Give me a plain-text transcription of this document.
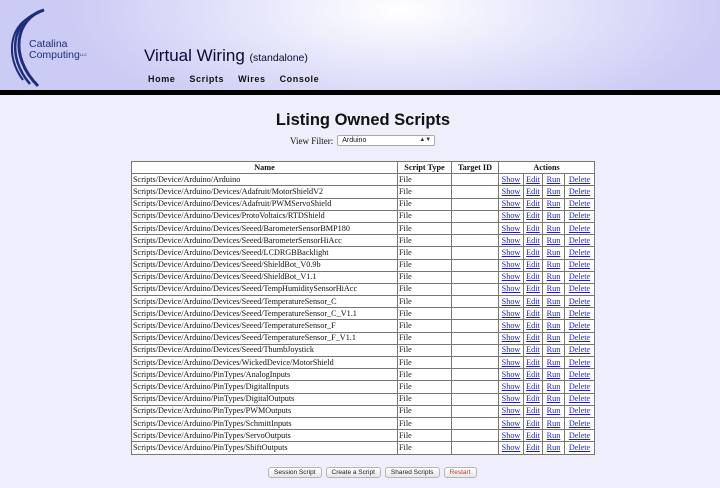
Catalina
Computing$^{LLC}$	Virtual Wiring (standalone)
Home Scripts Wires Console
Listing Owned Scripts
View Filter:	Arduino	▲▼
Name	Script Type	Target ID	Actions			
Scripts/Device/Arduino/Arduino	File		Show	Edit	Run	Delete
Scripts/Device/Arduino/Devices/Adafruit/MotorShieldV2	File		Show	Edit	Run	Delete
Scripts/Device/Arduino/Devices/Adafruit/PWMServoShield	File		Show	Edit	Run	Delete
Scripts/Device/Arduino/Devices/ProtoVoltaics/RTDShield	File		Show	Edit	Run	Delete
Scripts/Device/Arduino/Devices/Seeed/BarometerSensorBMP180	File		Show	Edit	Run	Delete
Scripts/Device/Arduino/Devices/Seeed/BarometerSensorHiAcc	File		Show	Edit	Run	Delete
Scripts/Device/Arduino/Devices/Seeed/LCDRGBBacklight	File		Show	Edit	Run	Delete
Scripts/Device/Arduino/Devices/Seeed/ShieldBot_V0.9b	File		Show	Edit	Run	Delete
Scripts/Device/Arduino/Devices/Seeed/ShieldBot_V1.1	File		Show	Edit	Run	Delete
Scripts/Device/Arduino/Devices/Seeed/TempHumiditySensorHiAcc	File		Show	Edit	Run	Delete
Scripts/Device/Arduino/Devices/Seeed/TemperatureSensor_C	File		Show	Edit	Run	Delete
Scripts/Device/Arduino/Devices/Seeed/TemperatureSensor_C_V1.1	File		Show	Edit	Run	Delete
Scripts/Device/Arduino/Devices/Seeed/TemperatureSensor_F	File		Show	Edit	Run	Delete
Scripts/Device/Arduino/Devices/Seeed/TemperatureSensor_F_V1.1	File		Show	Edit	Run	Delete
Scripts/Device/Arduino/Devices/Seeed/ThumbJoystick	File		Show	Edit	Run	Delete
Scripts/Device/Arduino/Devices/WickedDevice/MotorShield	File		Show	Edit	Run	Delete
Scripts/Device/Arduino/PinTypes/AnalogInputs	File		Show	Edit	Run	Delete
Scripts/Device/Arduino/PinTypes/DigitalInputs	File		Show	Edit	Run	Delete
Scripts/Device/Arduino/PinTypes/DigitalOutputs	File		Show	Edit	Run	Delete
Scripts/Device/Arduino/PinTypes/PWMOutputs	File		Show	Edit	Run	Delete
Scripts/Device/Arduino/PinTypes/SchmittInputs	File		Show	Edit	Run	Delete
Scripts/Device/Arduino/PinTypes/ServoOutputs	File		Show	Edit	Run	Delete
Scripts/Device/Arduino/PinTypes/ShiftOutputs	File		Show	Edit	Run	Delete
Session Script	Create a Script	Shared Scripts	Restart
